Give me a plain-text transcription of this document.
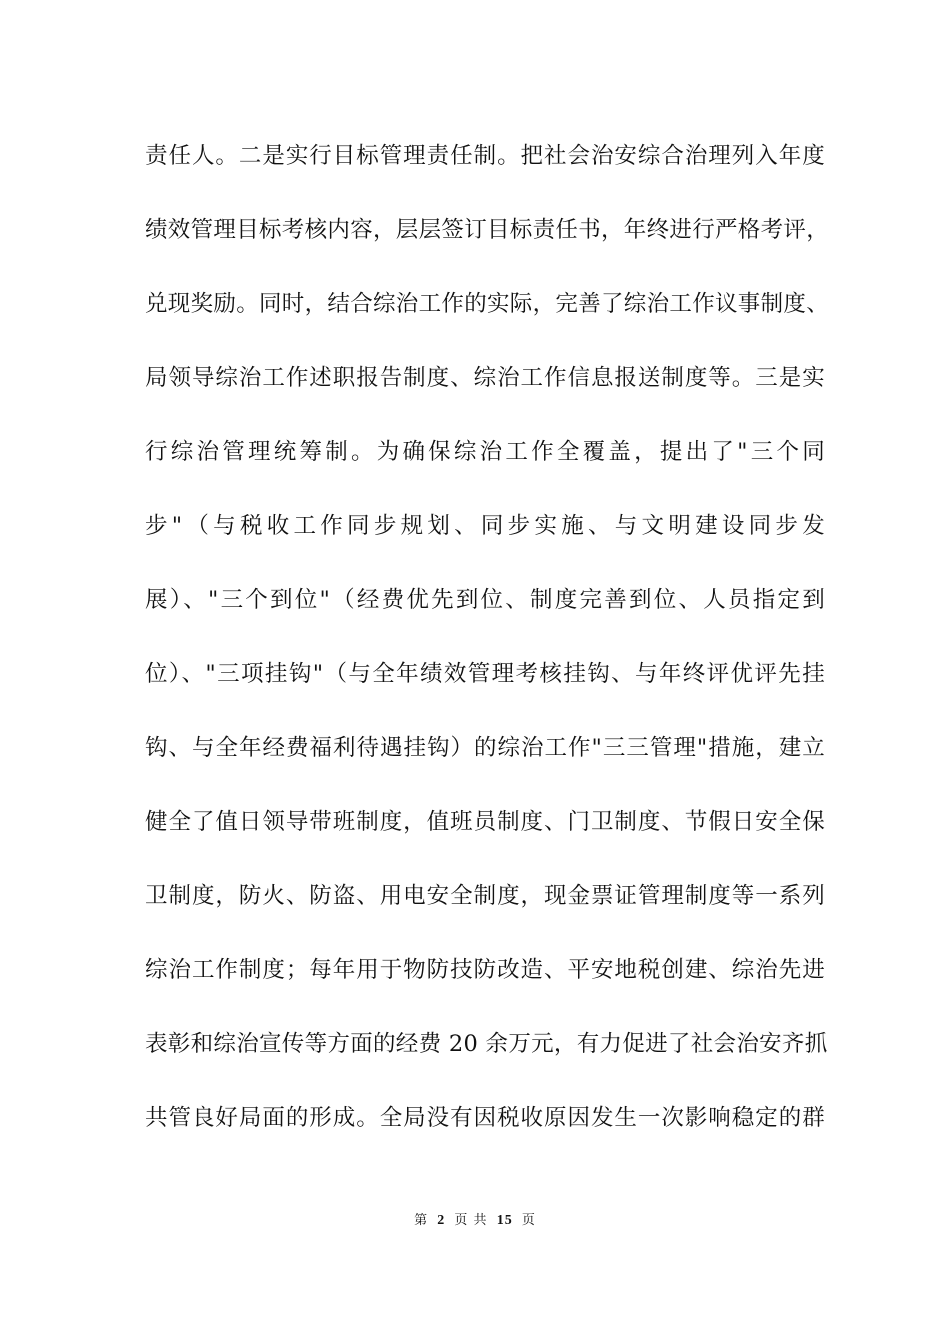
责任人。二是实行目标管理责任制。把社会治安综合治理列入年度
绩效管理目标考核内容，层层签订目标责任书，年终进行严格考评，
兑现奖励。同时，结合综治工作的实际，完善了综治工作议事制度、
局领导综治工作述职报告制度、综治工作信息报送制度等。三是实
行综治管理统筹制。为确保综治工作全覆盖，提出了"三个同
步"（与税收工作同步规划、同步实施、与文明建设同步发
展）、"三个到位"（经费优先到位、制度完善到位、人员指定到
位）、"三项挂钩"（与全年绩效管理考核挂钩、与年终评优评先挂
钩、与全年经费福利待遇挂钩）的综治工作"三三管理"措施，建立
健全了值日领导带班制度，值班员制度、门卫制度、节假日安全保
卫制度，防火、防盗、用电安全制度，现金票证管理制度等一系列
综治工作制度；每年用于物防技防改造、平安地税创建、综治先进
表彰和综治宣传等方面的经费 20 余万元，有力促进了社会治安齐抓
共管良好局面的形成。全局没有因税收原因发生一次影响稳定的群
第 2 页 共 15 页
